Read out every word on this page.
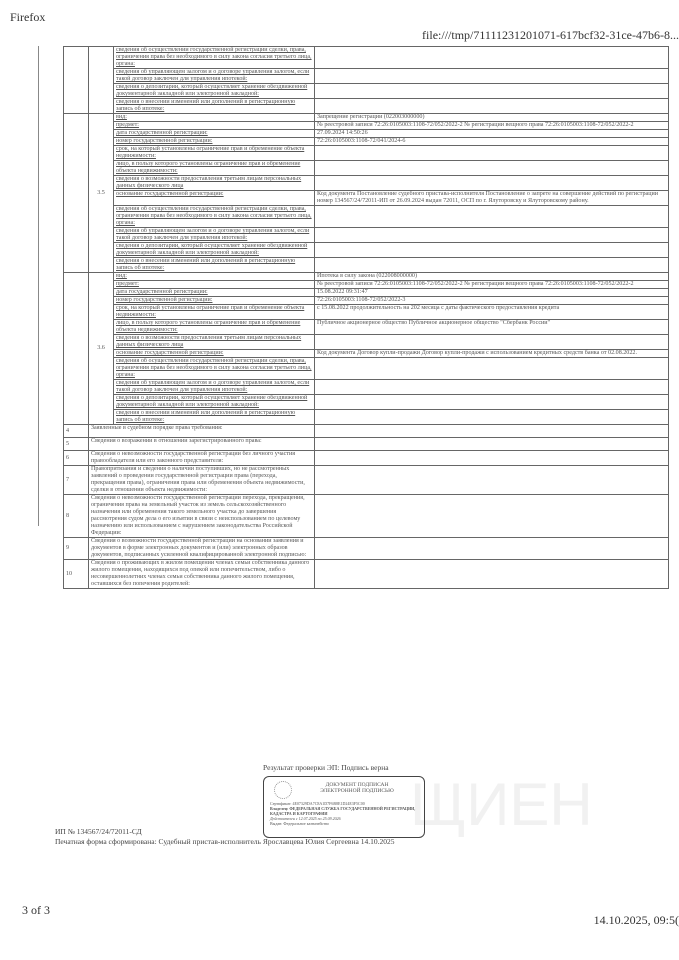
Firefox
file:///tmp/71111231201071-617bcf32-31ce-47b6-8...
ЩИЕН
		сведения об осуществлении государственной регистрации сделки, права, ограничения права без необходимого в силу закона согласия третьего лица, органа:	
		сведения об управляющем залогом и о договоре управления залогом, если такой договор заключен для управления ипотекой:	
		сведения о депозитарии, который осуществляет хранение обездвиженной документарной закладной или электронной закладной:	
		сведения о внесении изменений или дополнений в регистрационную запись об ипотеке:	
	3.5	вид:	Запрещение регистрации (022003000000)
		предмет:	№ реестровой записи 72:26:0105003:1108-72/052/2022-2 № регистрации вещного права 72:26:0105003:1108-72/052/2022-2
		дата государственной регистрации:	27.09.2024 14:50:26
		номер государственной регистрации:	72:26:0105003:1108-72/041/2024-6
		срок, на который установлены ограничение прав и обременение объекта недвижимости:	
		лицо, в пользу которого установлены ограничение прав и обременение объекта недвижимости:	
		сведения о возможности предоставления третьим лицам персональных данных физического лица	
		основание государственной регистрации:	Код документа Постановление судебного пристава-исполнителя Постановление о запрете на совершение действий по регистрации номер 134567/24/72011-ИП от 26.09.2024 выдан 72011, ОСП по г. Ялуторовску и Ялуторовскому району.
		сведения об осуществлении государственной регистрации сделки, права, ограничения права без необходимого в силу закона согласия третьего лица, органа:	
		сведения об управляющем залогом и о договоре управления залогом, если такой договор заключен для управления ипотекой:	
		сведения о депозитарии, который осуществляет хранение обездвиженной документарной закладной или электронной закладной:	
		сведения о внесении изменений или дополнений в регистрационную запись об ипотеке:	
	3.6	вид:	Ипотека в силу закона (022008000000)
		предмет:	№ реестровой записи 72:26:0105003:1108-72/052/2022-2 № регистрации вещного права 72:26:0105003:1108-72/052/2022-2
		дата государственной регистрации:	15.08.2022 09:31:47
		номер государственной регистрации:	72:26:0105003:1108-72/052/2022-3
		срок, на который установлены ограничение прав и обременение объекта недвижимости:	с 15.08.2022 продолжительность на 202 месяца с даты фактического предоставления кредита
		лицо, в пользу которого установлены ограничение прав и обременение объекта недвижимости:	Публичное акционерное общество Публичное акционерное общество "Сбербанк России"
		сведения о возможности предоставления третьим лицам персональных данных физического лица	
		основание государственной регистрации:	Код документа Договор купли-продажи Договор купли-продажи с использованием кредитных средств банка от 02.08.2022.
		сведения об осуществлении государственной регистрации сделки, права, ограничения права без необходимого в силу закона согласия третьего лица, органа:	
		сведения об управляющем залогом и о договоре управления залогом, если такой договор заключен для управления ипотекой:	
		сведения о депозитарии, который осуществляет хранение обездвиженной документарной закладной или электронной закладной:	
		сведения о внесении изменений или дополнений в регистрационную запись об ипотеке:	
4	Заявленные в судебном порядке права требования:		
5	Сведения о возражении в отношении зарегистрированного права:		
6	Сведения о невозможности государственной регистрации без личного участия правообладателя или его законного представителя:		
7	Правопритязания и сведения о наличии поступивших, но не рассмотренных заявлений о проведении государственной регистрации права (перехода, прекращения права), ограничения права или обременения объекта недвижимости, сделки в отношении объекта недвижимости:		
8	Сведения о невозможности государственной регистрации перехода, прекращения, ограничения права на земельный участок из земель сельскохозяйственного назначения или обременения такого земельного участка до завершения рассмотрения судом дела о его изъятии в связи с неиспользованием по целевому назначению или использованием с нарушением законодательства Российской Федерации:		
9	Сведения о возможности государственной регистрации на основании заявления и документов в форме электронных документов и (или) электронных образов документов, подписанных усиленной квалифицированной электронной подписью:		
10	Сведения о проживающих в жилом помещении членах семьи собственника данного жилого помещения, находящихся под опекой или попечительством, либо о несовершеннолетних членах семьи собственника данного жилого помещения, оставшихся без попечения родителей:		
Результат проверки ЭП: Подпись верна
ДОКУМЕНТ ПОДПИСАН ЭЛЕКТРОННОЙ ПОДПИСЬЮ
Сертификат: 4E07329DA7C8A1D7F6B8E1D24E3F5C00
Владелец: ФЕДЕРАЛЬНАЯ СЛУЖБА ГОСУДАРСТВЕННОЙ РЕГИСТРАЦИИ, КАДАСТРА И КАРТОГРАФИИ
Действителен с 12.07.2025 по 25.09.2026
Выдан: Федеральное казначейство
ИП № 134567/24/72011-СД
Печатная форма сформирована: Судебный пристав-исполнитель Ярославцева Юлия Сергеевна 14.10.2025
3 of 3
14.10.2025, 09:5(
